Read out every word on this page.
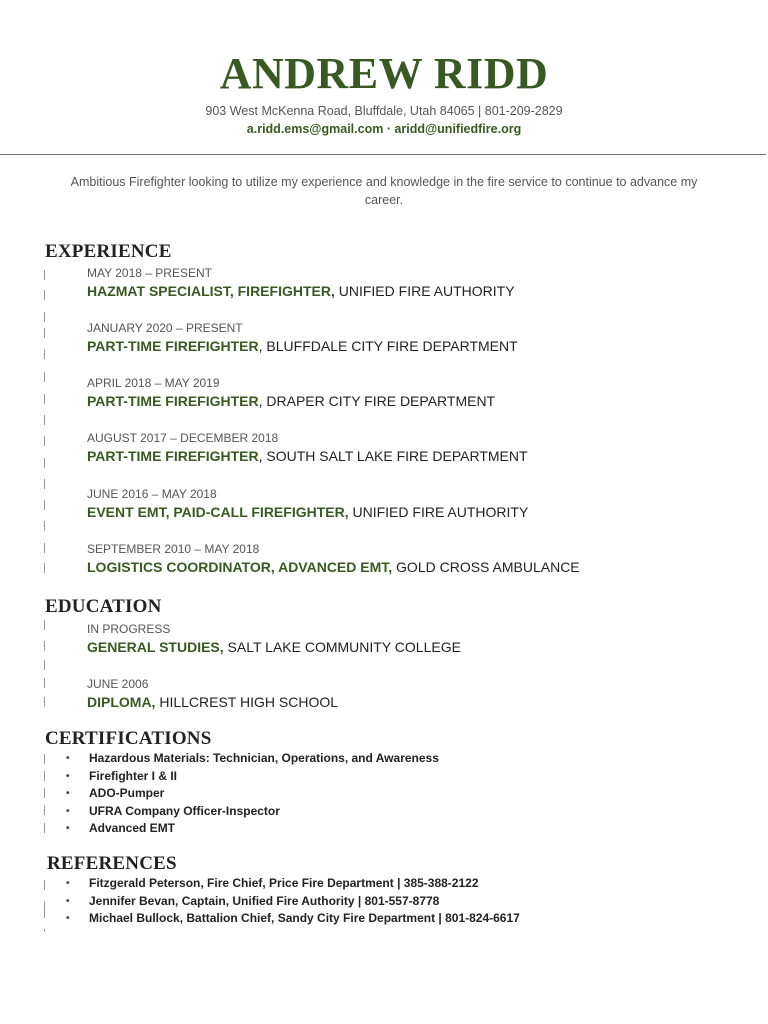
ANDREW RIDD
903 West McKenna Road, Bluffdale, Utah 84065 | 801-209-2829
a.ridd.ems@gmail.com · aridd@unifiedfire.org
Ambitious Firefighter looking to utilize my experience and knowledge in the fire service to continue to advance my career.
EXPERIENCE
MAY 2018 – PRESENT
HAZMAT SPECIALIST, FIREFIGHTER, UNIFIED FIRE AUTHORITY
JANUARY 2020 – PRESENT
PART-TIME FIREFIGHTER, BLUFFDALE CITY FIRE DEPARTMENT
APRIL 2018 – MAY 2019
PART-TIME FIREFIGHTER, DRAPER CITY FIRE DEPARTMENT
AUGUST 2017 – DECEMBER 2018
PART-TIME FIREFIGHTER, SOUTH SALT LAKE FIRE DEPARTMENT
JUNE 2016 – MAY 2018
EVENT EMT, PAID-CALL FIREFIGHTER, UNIFIED FIRE AUTHORITY
SEPTEMBER 2010 – MAY 2018
LOGISTICS COORDINATOR, ADVANCED EMT, GOLD CROSS AMBULANCE
EDUCATION
IN PROGRESS
GENERAL STUDIES, SALT LAKE COMMUNITY COLLEGE
JUNE 2006
DIPLOMA, HILLCREST HIGH SCHOOL
CERTIFICATIONS
• Hazardous Materials: Technician, Operations, and Awareness
• Firefighter I & II
• ADO-Pumper
• UFRA Company Officer-Inspector
• Advanced EMT
REFERENCES
• Fitzgerald Peterson, Fire Chief, Price Fire Department | 385-388-2122
• Jennifer Bevan, Captain, Unified Fire Authority | 801-557-8778
• Michael Bullock, Battalion Chief, Sandy City Fire Department | 801-824-6617
